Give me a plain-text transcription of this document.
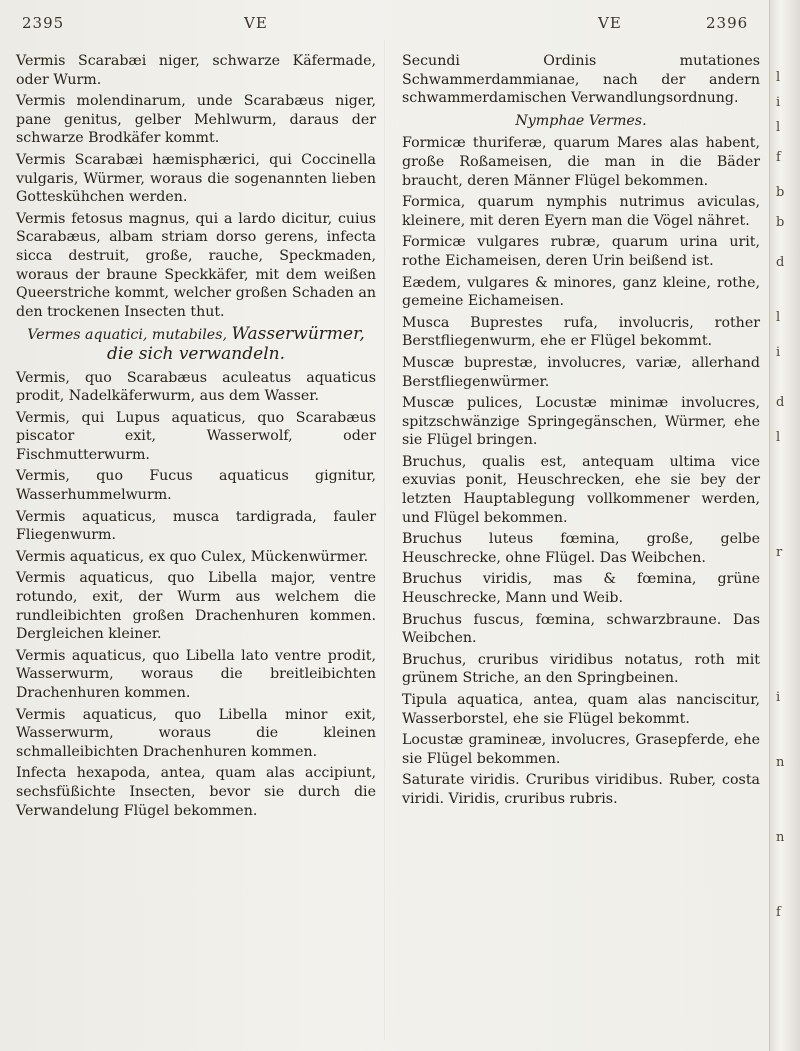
2395	VE	VE	2396

Vermis Scarabæi niger, schwarze Käfermade, oder Wurm.

Vermis molendinarum, unde Scarabæus niger, pane genitus, gelber Mehlwurm, daraus der schwarze Brodkäfer kommt.

Vermis Scarabæi hæmisphærici, qui Coccinella vulgaris, Würmer, woraus die sogenannten lieben Gotteskühchen werden.

Vermis fetosus magnus, qui a lardo dicitur, cuius Scarabæus, albam striam dorso gerens, infecta sicca destruit, große, rauche, Speckmaden, woraus der braune Speckkäfer, mit dem weißen Queerstriche kommt, welcher großen Schaden an den trockenen Insecten thut.

Vermes aquatici, mutabiles, Wasserwürmer, die sich verwandeln.

Vermis, quo Scarabæus aculeatus aquaticus prodit, Nadelkäferwurm, aus dem Wasser.

Vermis, qui Lupus aquaticus, quo Scarabæus piscator exit, Wasserwolf, oder Fischmutterwurm.

Vermis, quo Fucus aquaticus gignitur, Wasserhummelwurm.

Vermis aquaticus, musca tardigrada, fauler Fliegenwurm.

Vermis aquaticus, ex quo Culex, Mückenwürmer.

Vermis aquaticus, quo Libella major, ventre rotundo, exit, der Wurm aus welchem die rundleibichten großen Drachenhuren kommen. Dergleichen kleiner.

Vermis aquaticus, quo Libella lato ventre prodit, Wasserwurm, woraus die breitleibichten Drachenhuren kommen.

Vermis aquaticus, quo Libella minor exit, Wasserwurm, woraus die kleinen schmalleibichten Drachenhuren kommen.

Infecta hexapoda, antea, quam alas accipiunt, sechsfüßichte Insecten, bevor sie durch die Verwandelung Flügel bekommen.

Secundi Ordinis mutationes Schwammerdammianae, nach der andern schwammerdamischen Verwandlungsordnung.

Nymphae Vermes.

Formicæ thuriferæ, quarum Mares alas habent, große Roßameisen, die man in die Bäder braucht, deren Männer Flügel bekommen.

Formica, quarum nymphis nutrimus aviculas, kleinere, mit deren Eyern man die Vögel nähret.

Formicæ vulgares rubræ, quarum urina urit, rothe Eichameisen, deren Urin beißend ist.

Eædem, vulgares & minores, ganz kleine, rothe, gemeine Eichameisen.

Musca Buprestes rufa, involucris, rother Berstfliegenwurm, ehe er Flügel bekommt.

Muscæ buprestæ, involucres, variæ, allerhand Berstfliegenwürmer.

Muscæ pulices, Locustæ minimæ involucres, spitzschwänzige Springegänschen, Würmer, ehe sie Flügel bringen.

Bruchus, qualis est, antequam ultima vice exuvias ponit, Heuschrecken, ehe sie bey der letzten Hauptablegung vollkommener werden, und Flügel bekommen.

Bruchus luteus fœmina, große, gelbe Heuschrecke, ohne Flügel. Das Weibchen.

Bruchus viridis, mas & fœmina, grüne Heuschrecke, Mann und Weib.

Bruchus fuscus, fœmina, schwarzbraune. Das Weibchen.

Bruchus, cruribus viridibus notatus, roth mit grünem Striche, an den Springbeinen.

Tipula aquatica, antea, quam alas nanciscitur, Wasserborstel, ehe sie Flügel bekommt.

Locustæ gramineæ, involucres, Grasepferde, ehe sie Flügel bekommen.

Saturate viridis. Cruribus viridibus. Ruber, costa viridi. Viridis, cruribus rubris.

l
i
l
f
b
b
d
l
i
d
l
r
i
n
n
f
